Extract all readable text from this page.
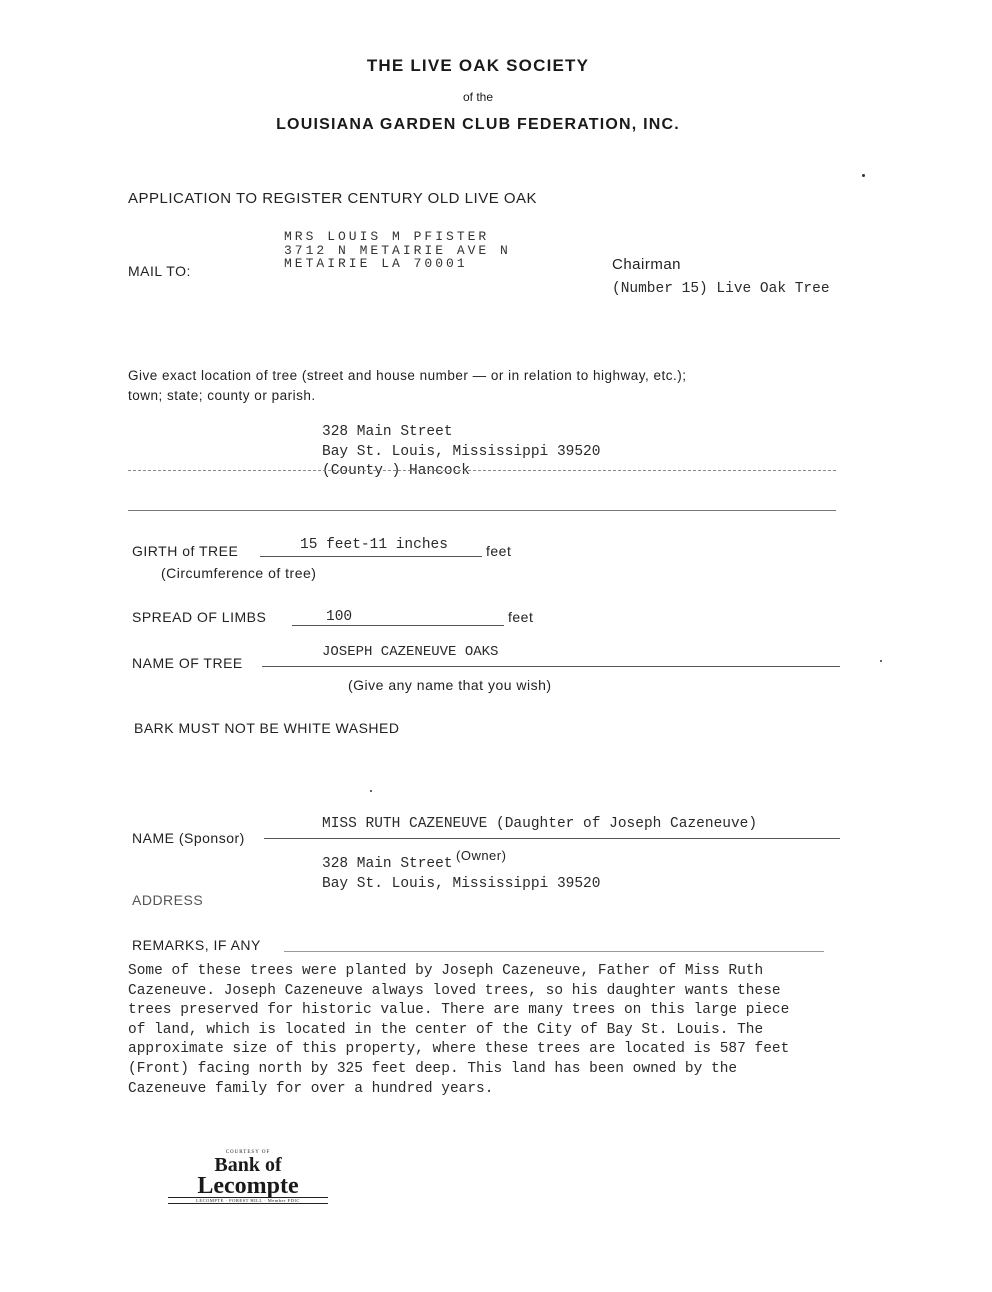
THE LIVE OAK SOCIETY
of the
LOUISIANA GARDEN CLUB FEDERATION, INC.
APPLICATION TO REGISTER CENTURY OLD LIVE OAK
MAIL TO:
MRS LOUIS M PFISTER
3712 N METAIRIE AVE N
METAIRIE LA 70001	Chairman
(Number 15) Live Oak Tree
Give exact location of tree (street and house number — or in relation to highway, etc.);
town; state; county or parish.
328 Main Street
Bay St. Louis, Mississippi 39520
(County ) Hancock
GIRTH of TREE	15 feet-11 inches	feet
(Circumference of tree)
SPREAD OF LIMBS	100	feet
NAME OF TREE
JOSEPH CAZENEUVE OAKS
(Give any name that you wish)
BARK MUST NOT BE WHITE WASHED
NAME (Sponsor)
MISS RUTH CAZENEUVE (Daughter of Joseph Cazeneuve)
(Owner)
328 Main Street
Bay St. Louis, Mississippi 39520
ADDRESS
REMARKS, IF ANY
Some of these trees were planted by Joseph Cazeneuve, Father of Miss Ruth
Cazeneuve. Joseph Cazeneuve always loved trees, so his daughter wants these
trees preserved for historic value. There are many trees on this large piece
of land, which is located in the center of the City of Bay St. Louis. The
approximate size of this property, where these trees are located is 587 feet
(Front) facing north by 325 feet deep. This land has been owned by the
Cazeneuve family for over a hundred years.
COURTESY OF
Bank of
Lecompte
LECOMPTE · FOREST HILL · Member FDIC
